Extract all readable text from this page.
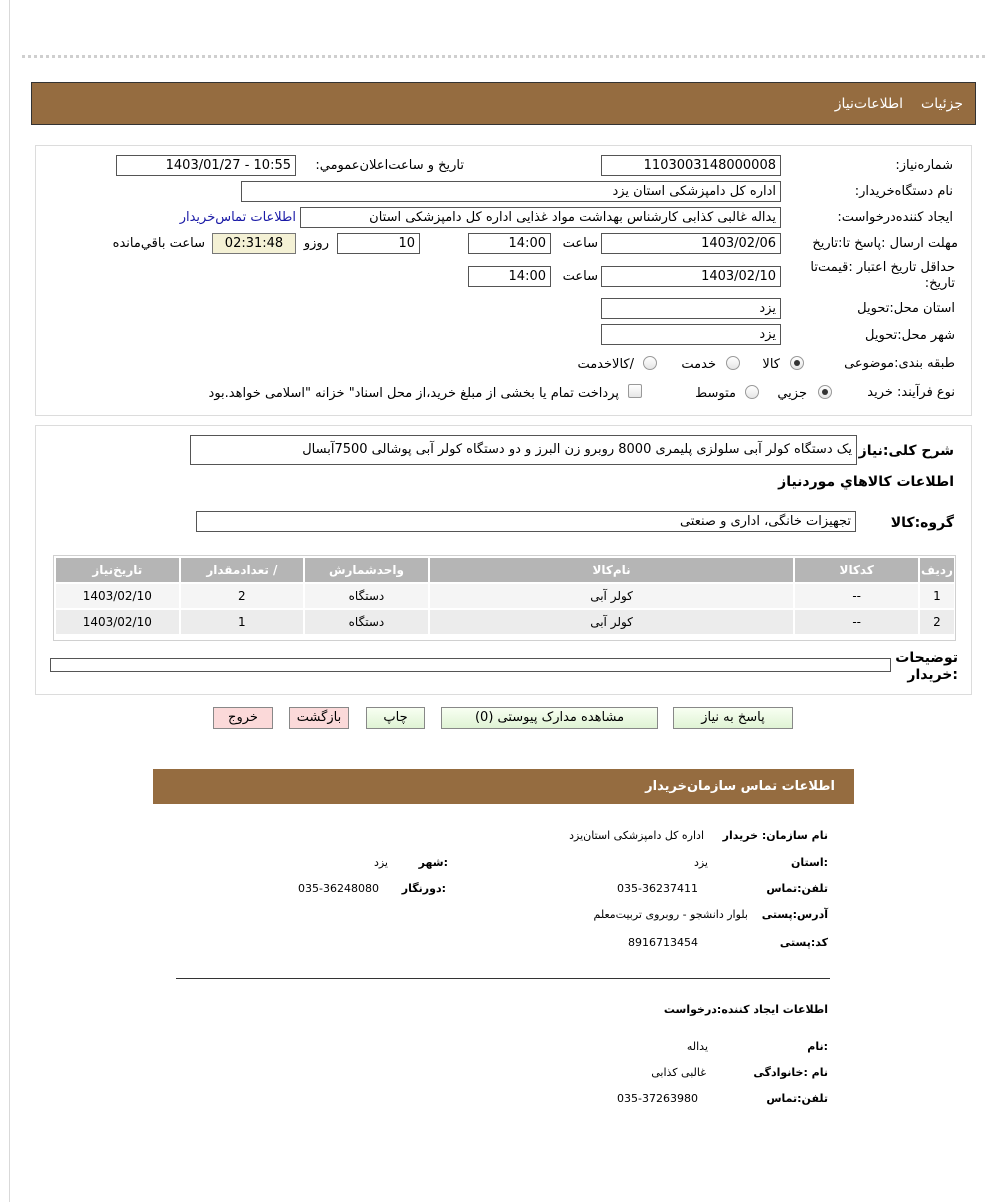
جزئيات
اطلاعات‌نياز
شماره‌نياز:
1103003148000008
تاريخ و ساعت‌اعلان‌عمومي:
1403/01/27 - 10:55
نام دستگاه‌خريدار:
اداره کل دامپزشکی استان یزد
ايجاد کننده‌درخواست:
یداله غالبی کذابی کارشناس بهداشت مواد غذایی اداره کل دامپزشکی استان
اطلاعات تماس‌خريدار
مهلت ارسال :پاسخ تا:تاريخ
1403/02/06
ساعت
14:00
10
روزو
02:31:48
ساعت باقي‌مانده
حداقل تاريخ اعتبار :قيمت‌تا تاريخ:
1403/02/10
ساعت
14:00
استان محل:تحويل
یزد
شهر محل:تحويل
یزد
طبقه بندی:موضوعی
کالا
خدمت
/کالاخدمت
نوع فرآيند: خريد
جزيي
متوسط
پرداخت تمام يا بخشی از مبلغ خريد،از محل اسناد" خزانه "اسلامی خواهد.بود
شرح کلی:نياز
یک دستگاه کولر آبی سلولزی پلیمری 8000 روبرو زن البرز و دو دستگاه کولر آبی پوشالی 7500آبسال
اطلاعات کالاهاي موردنياز
گروه:کالا
تجهيزات خانگی، اداری و صنعتی
رديف	کدکالا	نام‌کالا	واحدشمارش	/ تعدادمقدار	تاريخ‌نياز
1	--	کولر آبی	دستگاه	2	1403/02/10
2	--	کولر آبی	دستگاه	1	1403/02/10
توضيحات :خريدار
پاسخ به نیاز
مشاهده مدارک پیوستی (0)
چاپ
بازگشت
خروج
اطلاعات تماس سازمان‌خريدار
نام سازمان: خريدار
اداره کل دامپزشکی استان‌یزد
:استان
یزد
:شهر
یزد
تلفن:تماس
035-36237411
:دورنگار
035-36248080
آدرس:پستی
بلوار دانشجو - روبروی تربیت‌معلم
کد:پستی
8916713454
اطلاعات ايجاد کننده:درخواست
:نام
یداله
نام :خانوادگی
غالبی کذابی
تلفن:تماس
035-37263980
